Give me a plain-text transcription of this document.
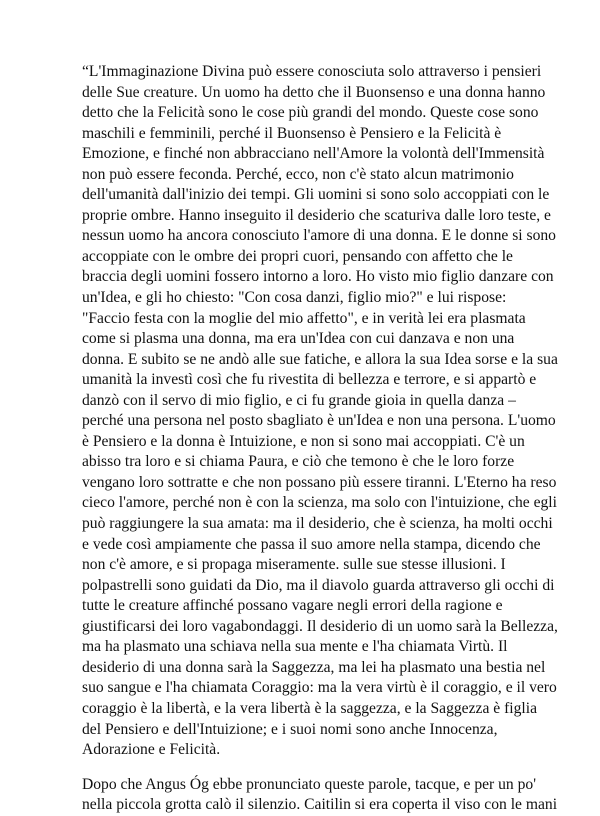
“L'Immaginazione Divina può essere conosciuta solo attraverso i pensieri
delle Sue creature. Un uomo ha detto che il Buonsenso e una donna hanno
detto che la Felicità sono le cose più grandi del mondo. Queste cose sono
maschili e femminili, perché il Buonsenso è Pensiero e la Felicità è
Emozione, e finché non abbracciano nell'Amore la volontà dell'Immensità
non può essere feconda. Perché, ecco, non c'è stato alcun matrimonio
dell'umanità dall'inizio dei tempi. Gli uomini si sono solo accoppiati con le
proprie ombre. Hanno inseguito il desiderio che scaturiva dalle loro teste, e
nessun uomo ha ancora conosciuto l'amore di una donna. E le donne si sono
accoppiate con le ombre dei propri cuori, pensando con affetto che le
braccia degli uomini fossero intorno a loro. Ho visto mio figlio danzare con
un'Idea, e gli ho chiesto: "Con cosa danzi, figlio mio?" e lui rispose:
"Faccio festa con la moglie del mio affetto", e in verità lei era plasmata
come si plasma una donna, ma era un'Idea con cui danzava e non una
donna. E subito se ne andò alle sue fatiche, e allora la sua Idea sorse e la sua
umanità la investì così che fu rivestita di bellezza e terrore, e si appartò e
danzò con il servo di mio figlio, e ci fu grande gioia in quella danza –
perché una persona nel posto sbagliato è un'Idea e non una persona. L'uomo
è Pensiero e la donna è Intuizione, e non si sono mai accoppiati. C'è un
abisso tra loro e si chiama Paura, e ciò che temono è che le loro forze
vengano loro sottratte e che non possano più essere tiranni. L'Eterno ha reso
cieco l'amore, perché non è con la scienza, ma solo con l'intuizione, che egli
può raggiungere la sua amata: ma il desiderio, che è scienza, ha molti occhi
e vede così ampiamente che passa il suo amore nella stampa, dicendo che
non c'è amore, e si propaga miseramente. sulle sue stesse illusioni. I
polpastrelli sono guidati da Dio, ma il diavolo guarda attraverso gli occhi di
tutte le creature affinché possano vagare negli errori della ragione e
giustificarsi dei loro vagabondaggi. Il desiderio di un uomo sarà la Bellezza,
ma ha plasmato una schiava nella sua mente e l'ha chiamata Virtù. Il
desiderio di una donna sarà la Saggezza, ma lei ha plasmato una bestia nel
suo sangue e l'ha chiamata Coraggio: ma la vera virtù è il coraggio, e il vero
coraggio è la libertà, e la vera libertà è la saggezza, e la Saggezza è figlia
del Pensiero e dell'Intuizione; e i suoi nomi sono anche Innocenza,
Adorazione e Felicità.
Dopo che Angus Óg ebbe pronunciato queste parole, tacque, e per un po'
nella piccola grotta calò il silenzio. Caitilin si era coperta il viso con le mani
